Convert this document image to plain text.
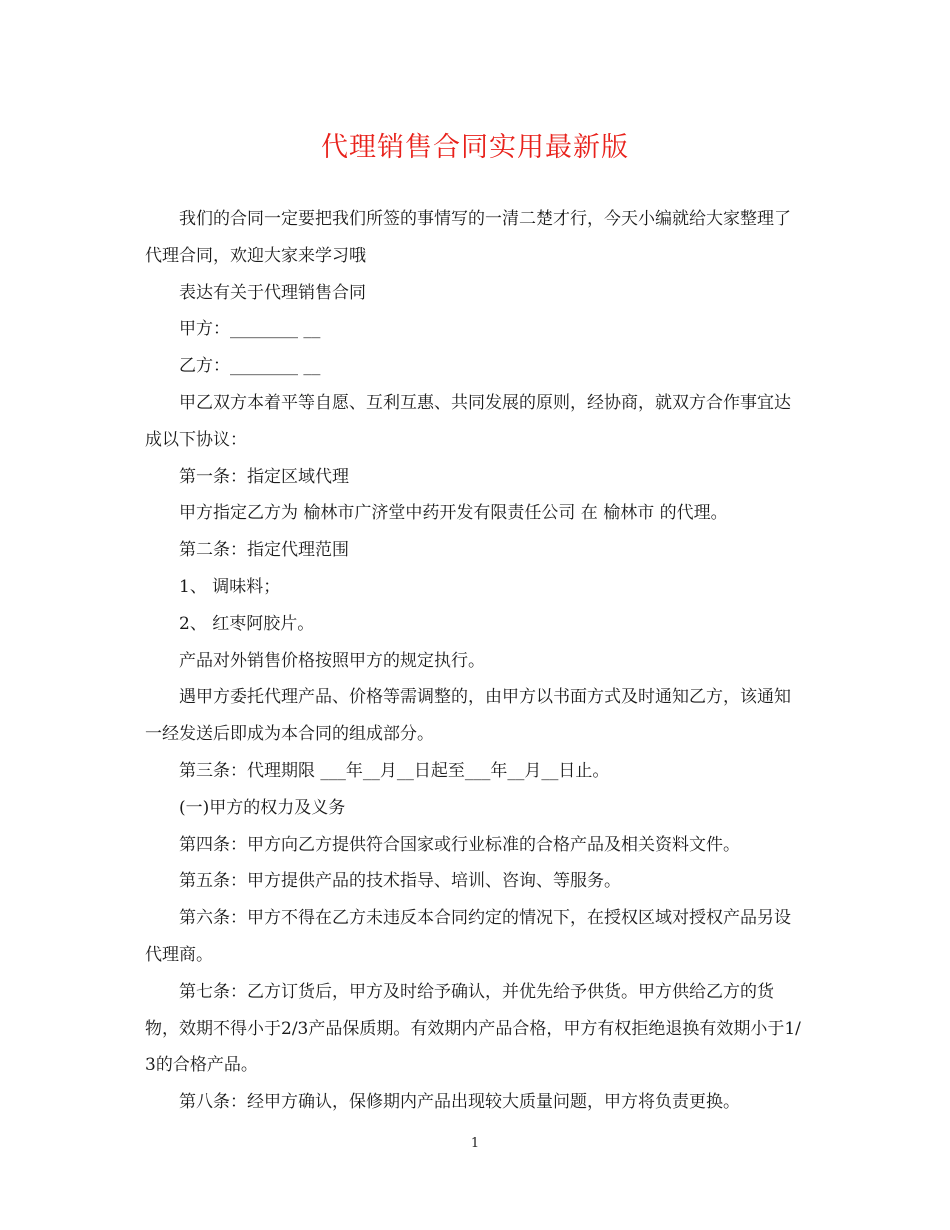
代理销售合同实用最新版

我们的合同一定要把我们所签的事情写的一清二楚才行，今天小编就给大家整理了代理合同，欢迎大家来学习哦

表达有关于代理销售合同

甲方：________ __

乙方：________ __

甲乙双方本着平等自愿、互利互惠、共同发展的原则，经协商，就双方合作事宜达成以下协议：

第一条：指定区域代理

甲方指定乙方为 榆林市广济堂中药开发有限责任公司 在 榆林市 的代理。

第二条：指定代理范围

1、 调味料；

2、 红枣阿胶片。

产品对外销售价格按照甲方的规定执行。

遇甲方委托代理产品、价格等需调整的，由甲方以书面方式及时通知乙方，该通知一经发送后即成为本合同的组成部分。

第三条：代理期限 ___年__月__日起至___年__月__日止。

(一)甲方的权力及义务

第四条：甲方向乙方提供符合国家或行业标准的合格产品及相关资料文件。

第五条：甲方提供产品的技术指导、培训、咨询、等服务。

第六条：甲方不得在乙方未违反本合同约定的情况下，在授权区域对授权产品另设代理商。

第七条：乙方订货后，甲方及时给予确认，并优先给予供货。甲方供给乙方的货物，效期不得小于2/3产品保质期。有效期内产品合格，甲方有权拒绝退换有效期小于1/3的合格产品。

第八条：经甲方确认，保修期内产品出现较大质量问题，甲方将负责更换。

1
